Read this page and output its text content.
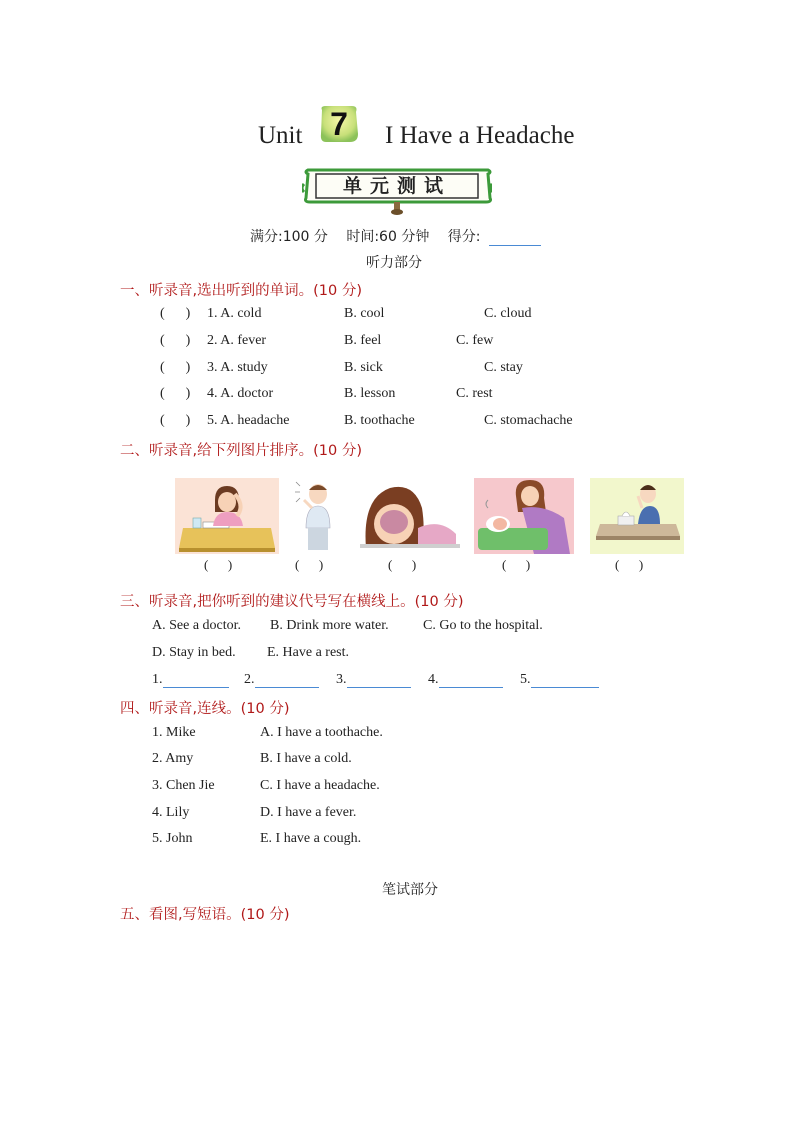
Unit 7	I Have a Headache
单元测试
满分:100 分 时间:60 分钟 得分:
听力部分
一、听录音,选出听到的单词。(10 分)
(      ) 1. A. cold	B. cool	C. cloud
(      ) 2. A. fever	B. feel	C. few
(      ) 3. A. study	B. sick	C. stay
(      ) 4. A. doctor	B. lesson	C. rest
(      ) 5. A. headache	B. toothache	C. stomachache
二、听录音,给下列图片排序。(10 分)
(      )	(      )	(      )	(      )	(      )
三、听录音,把你听到的建议代号写在横线上。(10 分)
A. See a doctor. B. Drink more water. C. Go to the hospital.
D. Stay in bed. E. Have a rest.
1.	2.	3.	4.	5.
四、听录音,连线。(10 分)
1. Mike	A. I have a toothache.
2. Amy	B. I have a cold.
3. Chen Jie	C. I have a headache.
4. Lily	D. I have a fever.
5. John	E. I have a cough.
笔试部分
五、看图,写短语。(10 分)
